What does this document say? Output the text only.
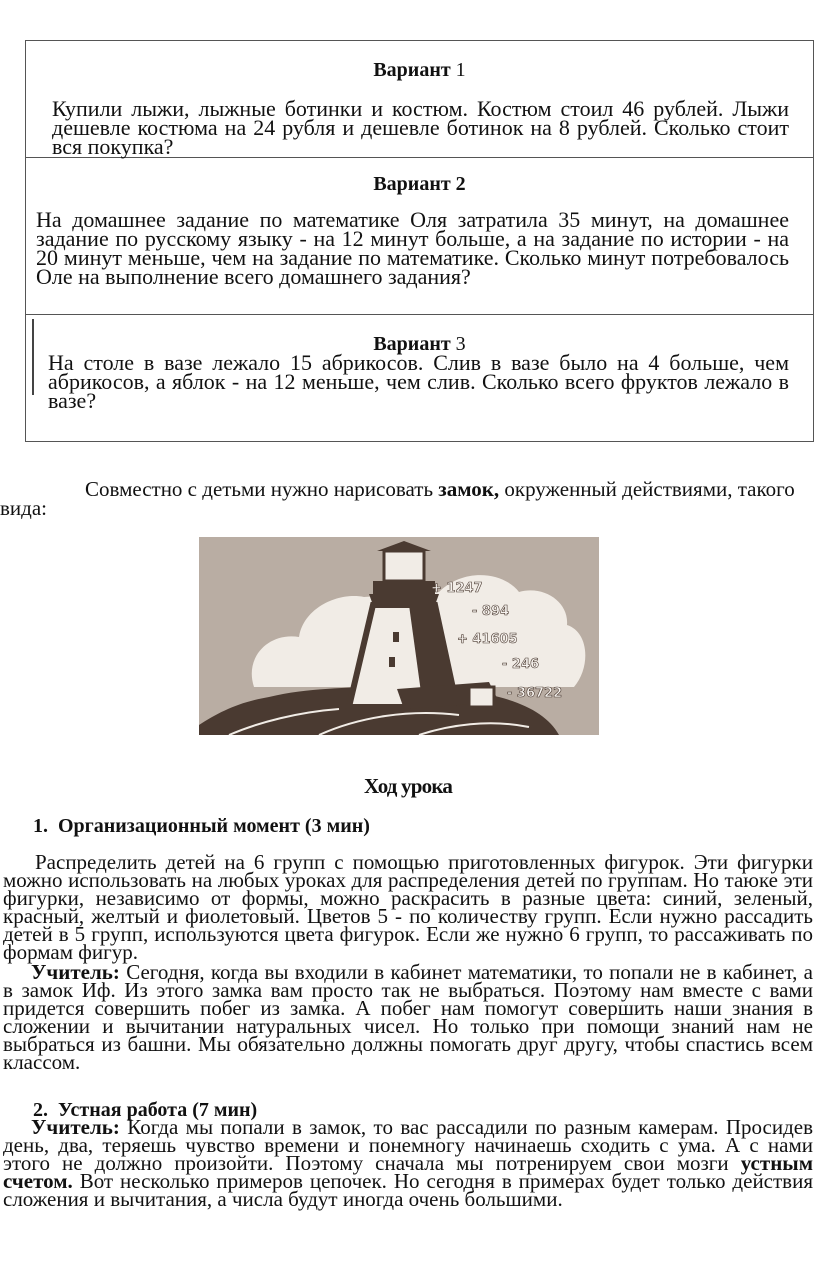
Вариант 1
Купили лыжи, лыжные ботинки и костюм. Костюм стоил 46 рублей. Лыжи дешевле костюма на 24 рубля и дешевле ботинок на 8 рублей. Сколько стоит вся покупка?
Вариант 2
На домашнее задание по математике Оля затратила 35 минут, на домашнее задание по русскому языку - на 12 минут больше, а на задание по истории - на 20 минут меньше, чем на задание по математике. Сколько минут потребовалось Оле на выполнение всего домашнего задания?
Вариант 3
На столе в вазе лежало 15 абрикосов. Слив в вазе было на 4 больше, чем абрикосов, а яблок - на 12 меньше, чем слив. Сколько всего фруктов лежало в вазе?
Совместно с детьми нужно нарисовать замок, окруженный действиями, такого вида:
+ 1247
- 894
+ 41605
- 246
- 36722
Ход урока
1. Организационный момент (3 мин)
Распределить детей на 6 групп с помощью приготовленных фигурок. Эти фигурки можно использовать на любых уроках для распределения детей по группам. Но таюке эти фигурки, независимо от формы, можно раскрасить в разные цвета: синий, зеленый, красный, желтый и фиолетовый. Цветов 5 - по количеству групп. Если нужно рассадить детей в 5 групп, используются цвета фигурок. Если же нужно 6 групп, то рассаживать по формам фигур.
Учитель: Сегодня, когда вы входили в кабинет математики, то попали не в кабинет, а в замок Иф. Из этого замка вам просто так не выбраться. Поэтому нам вместе с вами придется совершить побег из замка. А побег нам помогут совершить наши знания в сложении и вычитании натуральных чисел. Но только при помощи знаний нам не выбраться из башни. Мы обязательно должны помогать друг другу, чтобы спастись всем классом.
2. Устная работа (7 мин)
Учитель: Когда мы попали в замок, то вас рассадили по разным камерам. Просидев день, два, теряешь чувство времени и понемногу начинаешь сходить с ума. А с нами этого не должно произойти. Поэтому сначала мы потренируем свои мозги устным счетом. Вот несколько примеров цепочек. Но сегодня в примерах будет только действия сложения и вычитания, а числа будут иногда очень большими.
